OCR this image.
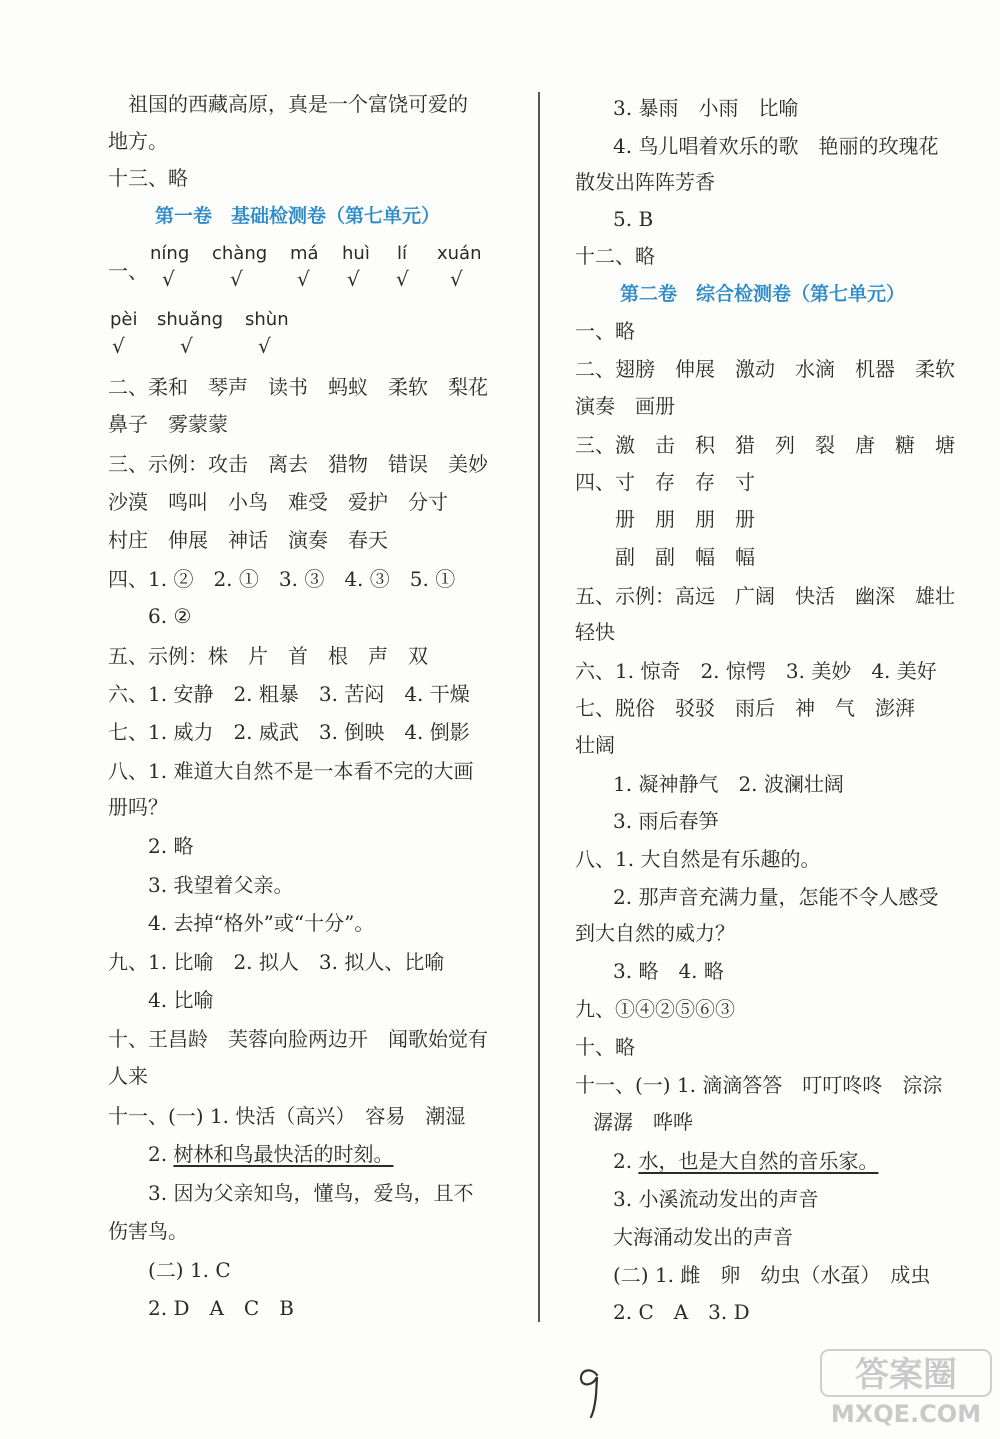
　祖国的西藏高原，真是一个富饶可爱的
地方。
十三、略
第一卷　基础检测卷（第七单元）
一、
níng chàng má huì lí xuán
√	√	√ √ √ √
pèi shuǎng shùn
√	√	√
二、柔和　琴声　读书　蚂蚁　柔软　梨花
鼻子　雾蒙蒙
三、示例：攻击　离去　猎物　错误　美妙
沙漠　鸣叫　小鸟　难受　爱护　分寸
村庄　伸展　神话　演奏　春天
四、1. ②　2. ①　3. ③　4. ③　5. ①
6. ②
五、示例：株　片　首　根　声　双
六、1. 安静　2. 粗暴　3. 苦闷　4. 干燥
七、1. 威力　2. 威武　3. 倒映　4. 倒影
八、1. 难道大自然不是一本看不完的大画
册吗？
2. 略
3. 我望着父亲。
4. 去掉“格外”或“十分”。
九、1. 比喻　2. 拟人　3. 拟人、比喻
4. 比喻
十、王昌龄　芙蓉向脸两边开　闻歌始觉有
人来
十一、(一) 1. 快活（高兴）　容易　潮湿
2. 树林和鸟最快活的时刻。
3. 因为父亲知鸟，懂鸟，爱鸟，且不
伤害鸟。
(二) 1. C
2. D　A　C　B
3. 暴雨　小雨　比喻
4. 鸟儿唱着欢乐的歌　艳丽的玫瑰花
散发出阵阵芳香
5. B
十二、略
第二卷　综合检测卷（第七单元）
一、略
二、翅膀　伸展　激动　水滴　机器　柔软
演奏　画册
三、激　击　积　猎　列　裂　唐　糖　塘
四、寸　存　存　寸
册　朋　朋　册
副　副　幅　幅
五、示例：高远　广阔　快活　幽深　雄壮
轻快
六、1. 惊奇　2. 惊愕　3. 美妙　4. 美好
七、脱俗　驳驳　雨后　神　气　澎湃
壮阔
1. 凝神静气　2. 波澜壮阔
3. 雨后春笋
八、1. 大自然是有乐趣的。
2. 那声音充满力量，怎能不令人感受
到大自然的威力？
3. 略　4. 略
九、①④②⑤⑥③
十、略
十一、(一) 1. 滴滴答答　叮叮咚咚　淙淙
潺潺　哗哗
2. 水，也是大自然的音乐家。
3. 小溪流动发出的声音
大海涌动发出的声音
(二) 1. 雌　卵　幼虫（水虿）　成虫
2. C　A　3. D
答案圈
MXQE.COM
